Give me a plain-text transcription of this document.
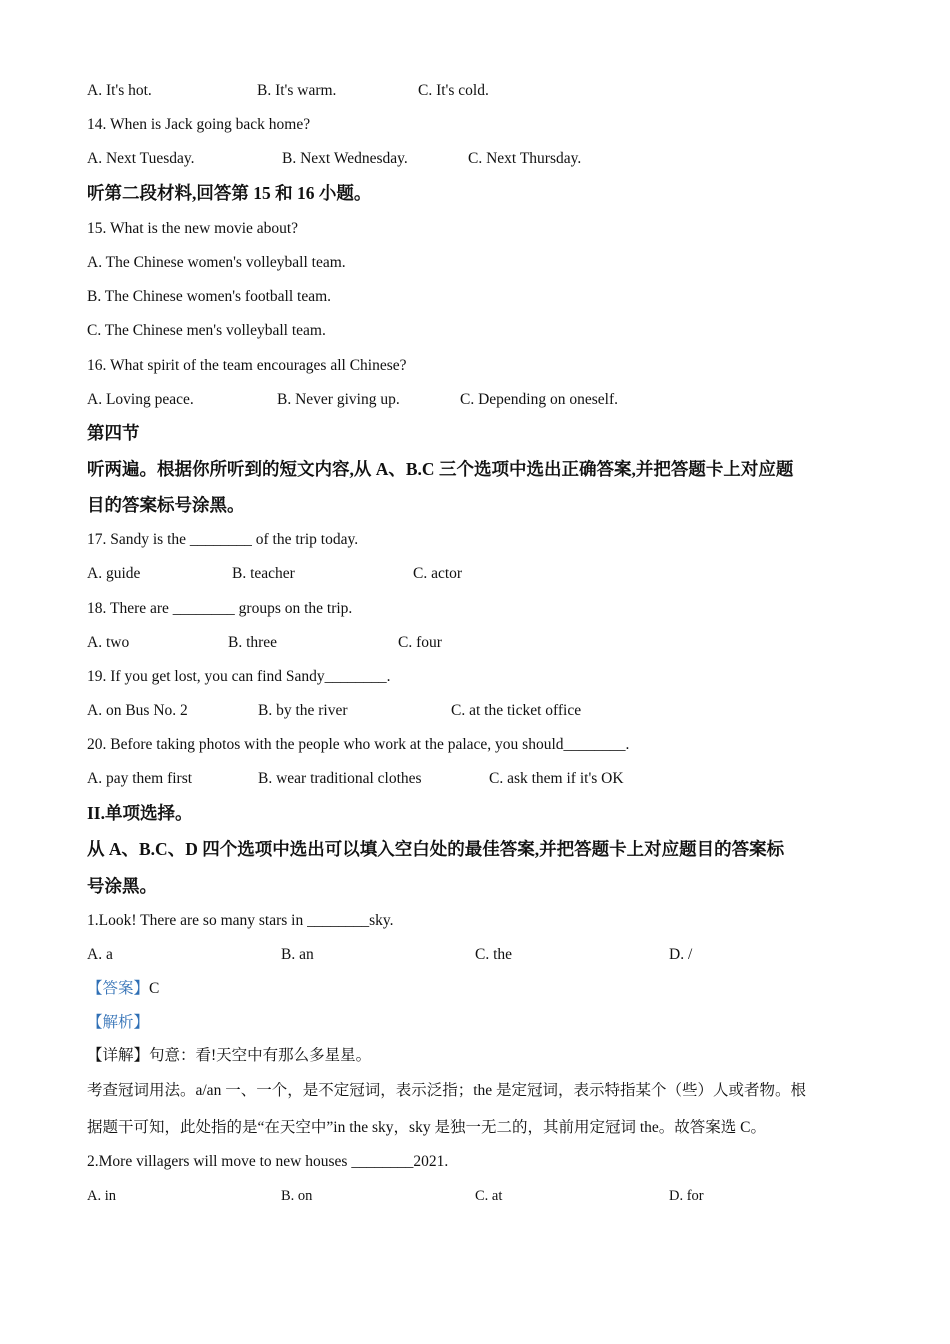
A. It's hot.	B. It's warm.	C. It's cold.
14. When is Jack going back home?
A. Next Tuesday.	B. Next Wednesday.	C. Next Thursday.
听第二段材料,回答第 15 和 16 小题。
15. What is the new movie about?
A. The Chinese women's volleyball team.
B. The Chinese women's football team.
C. The Chinese men's volleyball team.
16. What spirit of the team encourages all Chinese?
A. Loving peace.	B. Never giving up.	C. Depending on oneself.
第四节
听两遍。根据你所听到的短文内容,从 A、B.C 三个选项中选出正确答案,并把答题卡上对应题
目的答案标号涂黑。
17. Sandy is the ________ of the trip today.
A. guide	B. teacher	C. actor
18. There are ________ groups on the trip.
A. two	B. three	C. four
19. If you get lost, you can find Sandy________.
A. on Bus No. 2	B. by the river	C. at the ticket office
20. Before taking photos with the people who work at the palace, you should________.
A. pay them first	B. wear traditional clothes	C. ask them if it's OK
II.单项选择。
从 A、B.C、D 四个选项中选出可以填入空白处的最佳答案,并把答题卡上对应题目的答案标
号涂黑。
1.Look! There are so many stars in ________sky.
A. a	B. an	C. the	D. /
【答案】C
【解析】
【详解】句意：看!天空中有那么多星星。
考查冠词用法。a/an 一、一个，是不定冠词，表示泛指；the 是定冠词，表示特指某个（些）人或者物。根
据题干可知，此处指的是“在天空中”in the sky，sky 是独一无二的，其前用定冠词 the。故答案选 C。
2.More villagers will move to new houses ________2021.
A. in	B. on	C. at	D. for
